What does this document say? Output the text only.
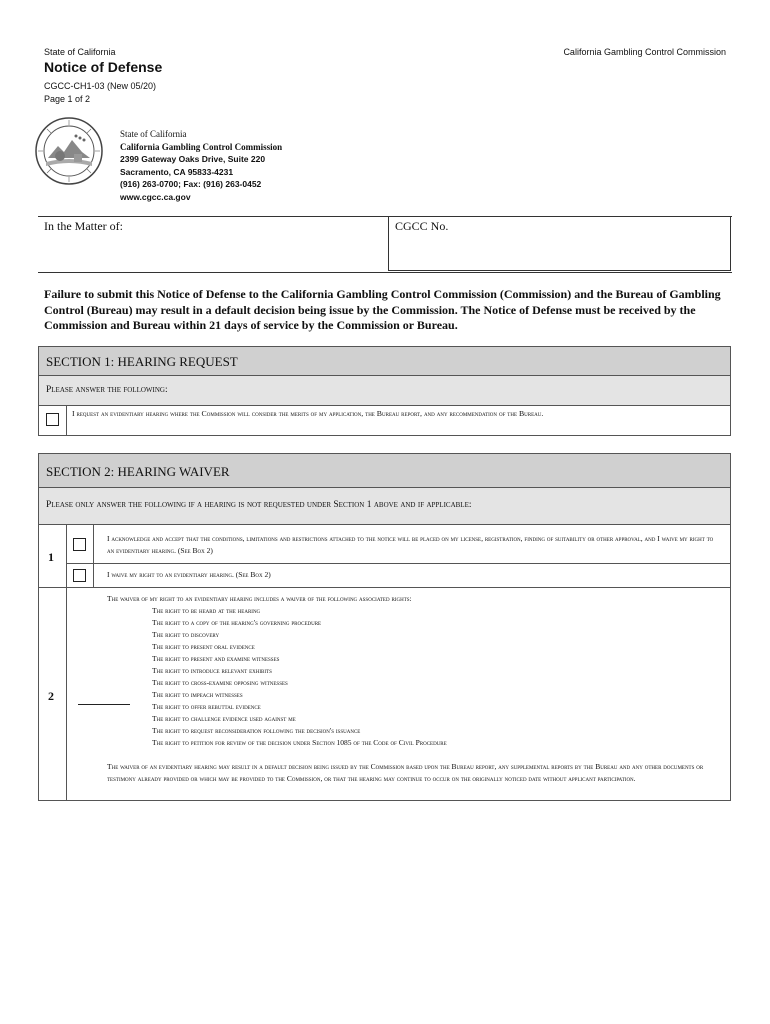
State of California	California Gambling Control Commission
Notice of Defense
CGCC-CH1-03 (New 05/20)
Page 1 of 2
State of California
California Gambling Control Commission
2399 Gateway Oaks Drive, Suite 220
Sacramento, CA 95833-4231
(916) 263-0700; Fax: (916) 263-0452
www.cgcc.ca.gov
In the Matter of:	CGCC No.
Failure to submit this Notice of Defense to the California Gambling Control Commission (Commission) and the Bureau of Gambling Control (Bureau) may result in a default decision being issue by the Commission. The Notice of Defense must be received by the Commission and Bureau within 21 days of service by the Commission or Bureau.
SECTION 1: HEARING REQUEST
Please answer the following:
I request an evidentiary hearing where the Commission will consider the merits of my application, the Bureau report, and any recommendation of the Bureau.
SECTION 2: HEARING WAIVER
Please only answer the following if a hearing is not requested under Section 1 above and if applicable:
1
I acknowledge and accept that the conditions, limitations and restrictions attached to the notice will be placed on my license, registration, finding of suitability or other approval, and I waive my right to an evidentiary hearing. (See Box 2)
I waive my right to an evidentiary hearing. (See Box 2)
2
The waiver of my right to an evidentiary hearing includes a waiver of the following associated rights:
The right to be heard at the hearing
The right to a copy of the hearing's governing procedure
The right to discovery
The right to present oral evidence
The right to present and examine witnesses
The right to introduce relevant exhibits
The right to cross-examine opposing witnesses
The right to impeach witnesses
The right to offer rebuttal evidence
The right to challenge evidence used against me
The right to request reconsideration following the decision's issuance
The right to petition for review of the decision under Section 1085 of the Code of Civil Procedure
The waiver of an evidentiary hearing may result in a default decision being issued by the Commission based upon the Bureau report, any supplemental reports by the Bureau and any other documents or testimony already provided or which may be provided to the Commission, or that the hearing may continue to occur on the originally noticed date without applicant participation.
